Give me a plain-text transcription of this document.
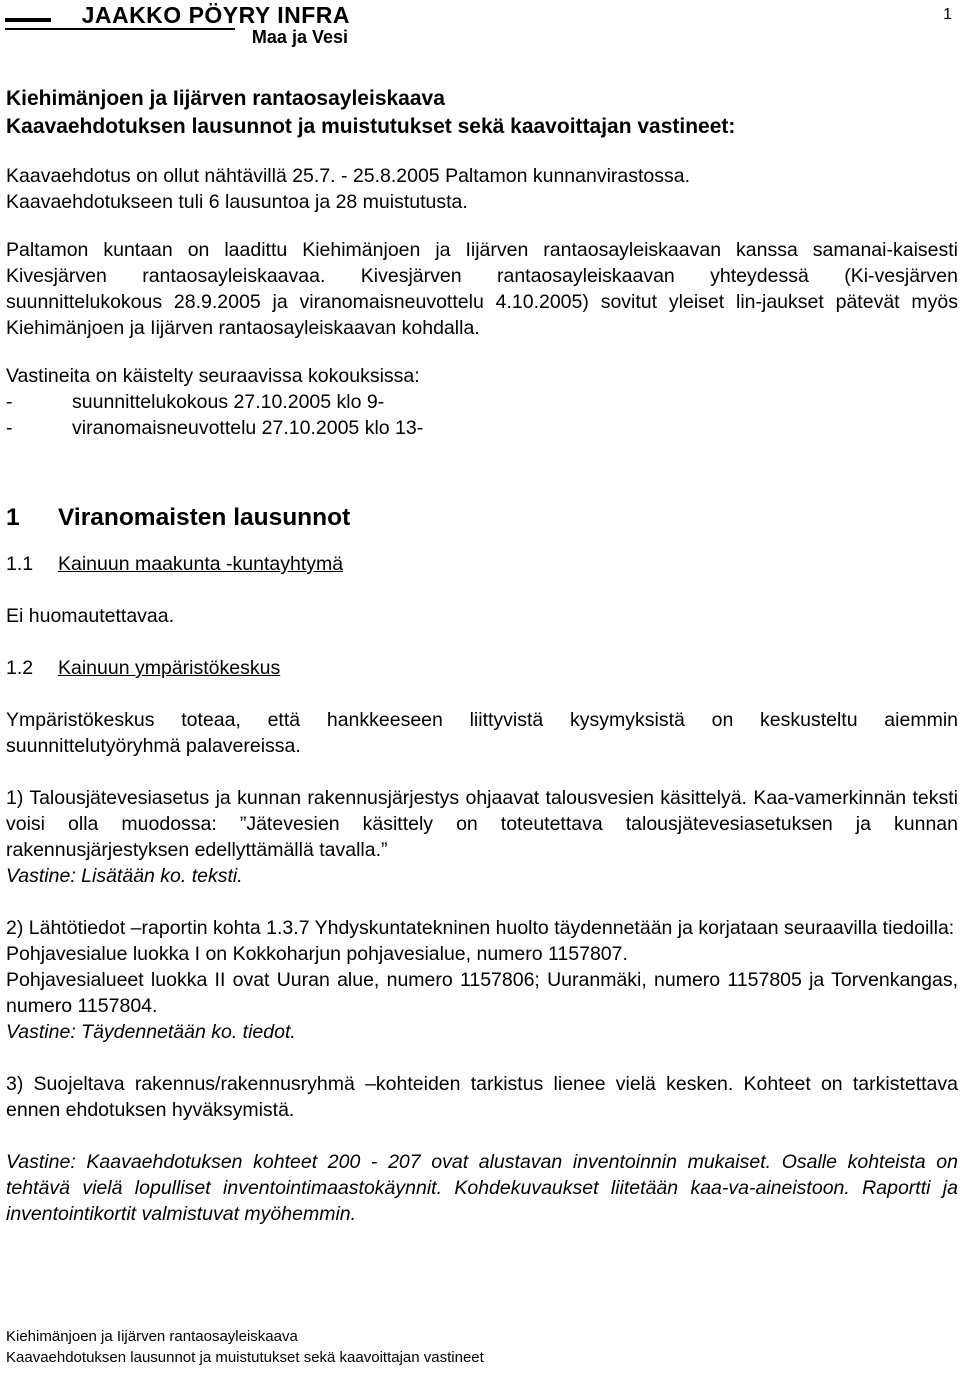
JAAKKO PÖYRY INFRA
Maa ja Vesi
1

Kiehimänjoen ja Iijärven rantaosayleiskaava

Kaavaehdotuksen lausunnot ja muistutukset sekä kaavoittajan vastineet:

Kaavaehdotus on ollut nähtävillä 25.7. - 25.8.2005 Paltamon kunnanvirastossa.

Kaavaehdotukseen tuli 6 lausuntoa ja 28 muistutusta.

Paltamon kuntaan on laadittu Kiehimänjoen ja Iijärven rantaosayleiskaavan kanssa samanai-kaisesti Kivesjärven rantaosayleiskaavaa. Kivesjärven rantaosayleiskaavan yhteydessä (Ki-vesjärven suunnittelukokous 28.9.2005 ja viranomaisneuvottelu 4.10.2005) sovitut yleiset lin-jaukset pätevät myös Kiehimänjoen ja Iijärven rantaosayleiskaavan kohdalla.

Vastineita on käistelty seuraavissa kokouksissa:

-	suunnittelukokous 27.10.2005 klo 9-
-	viranomaisneuvottelu 27.10.2005 klo 13-

1 Viranomaisten lausunnot

1.1 Kainuun maakunta -kuntayhtymä

Ei huomautettavaa.

1.2 Kainuun ympäristökeskus

Ympäristökeskus toteaa, että hankkeeseen liittyvistä kysymyksistä on keskusteltu aiemmin suunnittelutyöryhmä palavereissa.

1) Talousjätevesiasetus ja kunnan rakennusjärjestys ohjaavat talousvesien käsittelyä. Kaa-vamerkinnän teksti voisi olla muodossa: ”Jätevesien käsittely on toteutettava talousjätevesiasetuksen ja kunnan rakennusjärjestyksen edellyttämällä tavalla.”

Vastine: Lisätään ko. teksti.

2) Lähtötiedot –raportin kohta 1.3.7 Yhdyskuntatekninen huolto täydennetään ja korjataan seuraavilla tiedoilla:

Pohjavesialue luokka I on Kokkoharjun pohjavesialue, numero 1157807.

Pohjavesialueet luokka II ovat Uuran alue, numero 1157806; Uuranmäki, numero 1157805 ja Torvenkangas, numero 1157804.

Vastine: Täydennetään ko. tiedot.

3) Suojeltava rakennus/rakennusryhmä –kohteiden tarkistus lienee vielä kesken. Kohteet on tarkistettava ennen ehdotuksen hyväksymistä.

Vastine: Kaavaehdotuksen kohteet 200 - 207 ovat alustavan inventoinnin mukaiset. Osalle kohteista on tehtävä vielä lopulliset inventointimaastokäynnit. Kohdekuvaukset liitetään kaa-va-aineistoon. Raportti ja inventointikortit valmistuvat myöhemmin.

Kiehimänjoen ja Iijärven rantaosayleiskaava
Kaavaehdotuksen lausunnot ja muistutukset sekä kaavoittajan vastineet
